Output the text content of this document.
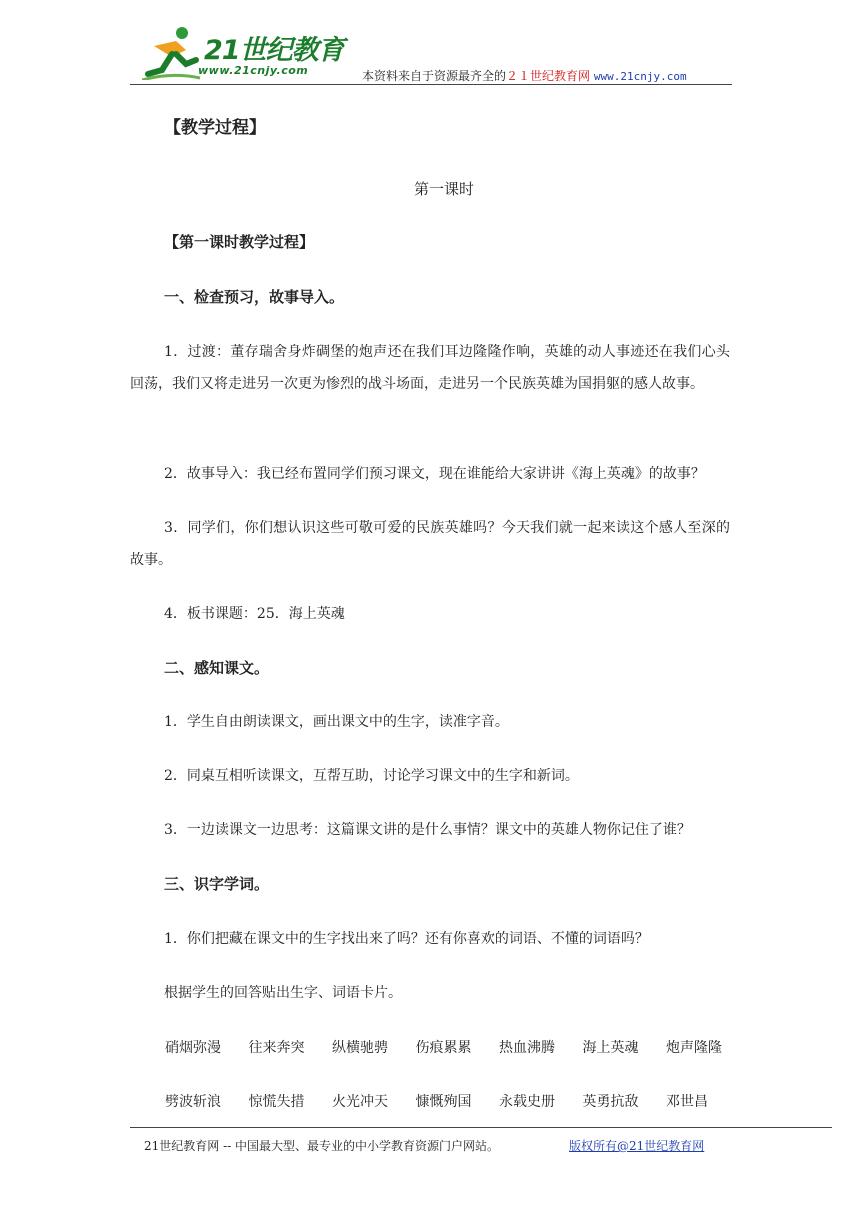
21世纪教育
www.21cnjy.com	本资料来自于资源最齐全的２１世纪教育网 www.21cnjy.com
【教学过程】
第一课时
【第一课时教学过程】
一、检查预习，故事导入。
1．过渡：董存瑞舍身炸碉堡的炮声还在我们耳边隆隆作响，英雄的动人事迹还在我们心头回荡，我们又将走进另一次更为惨烈的战斗场面，走进另一个民族英雄为国捐躯的感人故事。
2．故事导入：我已经布置同学们预习课文，现在谁能给大家讲讲《海上英魂》的故事？
3．同学们，你们想认识这些可敬可爱的民族英雄吗？今天我们就一起来读这个感人至深的故事。
4．板书课题：25．海上英魂
二、感知课文。
1．学生自由朗读课文，画出课文中的生字，读准字音。
2．同桌互相听读课文，互帮互助，讨论学习课文中的生字和新词。
3．一边读课文一边思考：这篇课文讲的是什么事情？课文中的英雄人物你记住了谁？
三、识字学词。
1．你们把藏在课文中的生字找出来了吗？还有你喜欢的词语、不懂的词语吗？
根据学生的回答贴出生字、词语卡片。
硝烟弥漫 往来奔突 纵横驰骋 伤痕累累 热血沸腾 海上英魂 炮声隆隆
劈波斩浪 惊慌失措 火光冲天 慷慨殉国 永载史册 英勇抗敌 邓世昌
21世纪教育网 -- 中国最大型、最专业的中小学教育资源门户网站。	版权所有@21世纪教育网
